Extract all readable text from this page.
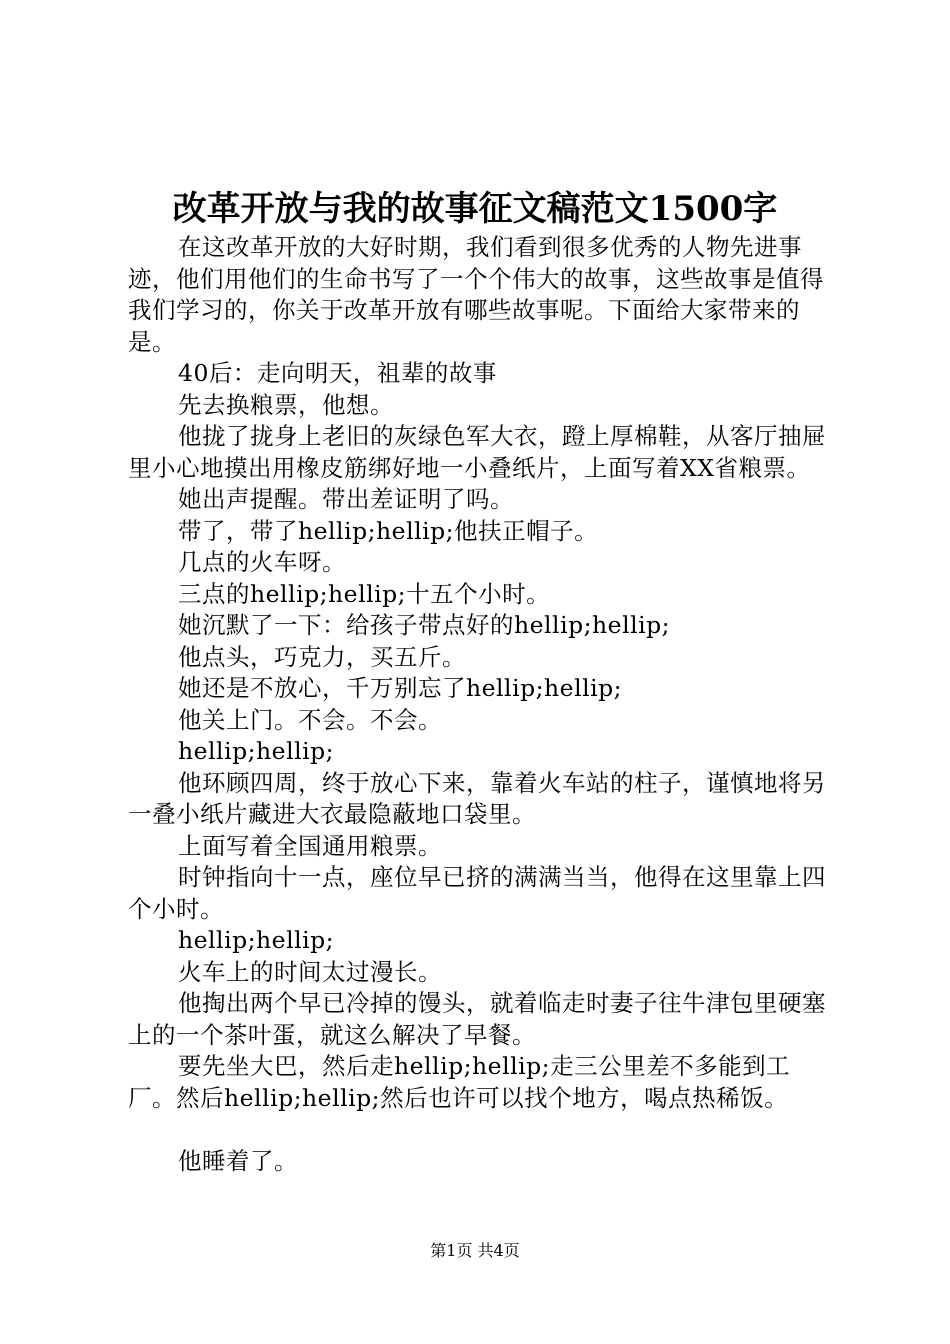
改革开放与我的故事征文稿范文1500字

在这改革开放的大好时期，我们看到很多优秀的人物先进事迹，他们用他们的生命书写了一个个伟大的故事，这些故事是值得我们学习的，你关于改革开放有哪些故事呢。下面给大家带来的是。

40后：走向明天，祖辈的故事

先去换粮票，他想。

他拢了拢身上老旧的灰绿色军大衣，蹬上厚棉鞋，从客厅抽屉里小心地摸出用橡皮筋绑好地一小叠纸片，上面写着XX省粮票。

她出声提醒。带出差证明了吗。

带了，带了hellip;hellip;他扶正帽子。

几点的火车呀。

三点的hellip;hellip;十五个小时。

她沉默了一下：给孩子带点好的hellip;hellip;

他点头，巧克力，买五斤。

她还是不放心，千万别忘了hellip;hellip;

他关上门。不会。不会。

hellip;hellip;

他环顾四周，终于放心下来，靠着火车站的柱子，谨慎地将另一叠小纸片藏进大衣最隐蔽地口袋里。

上面写着全国通用粮票。

时钟指向十一点，座位早已挤的满满当当，他得在这里靠上四个小时。

hellip;hellip;

火车上的时间太过漫长。

他掏出两个早已冷掉的馒头，就着临走时妻子往牛津包里硬塞上的一个茶叶蛋，就这么解决了早餐。

要先坐大巴，然后走hellip;hellip;走三公里差不多能到工厂。然后hellip;hellip;然后也许可以找个地方，喝点热稀饭。

他睡着了。

第1页 共4页
